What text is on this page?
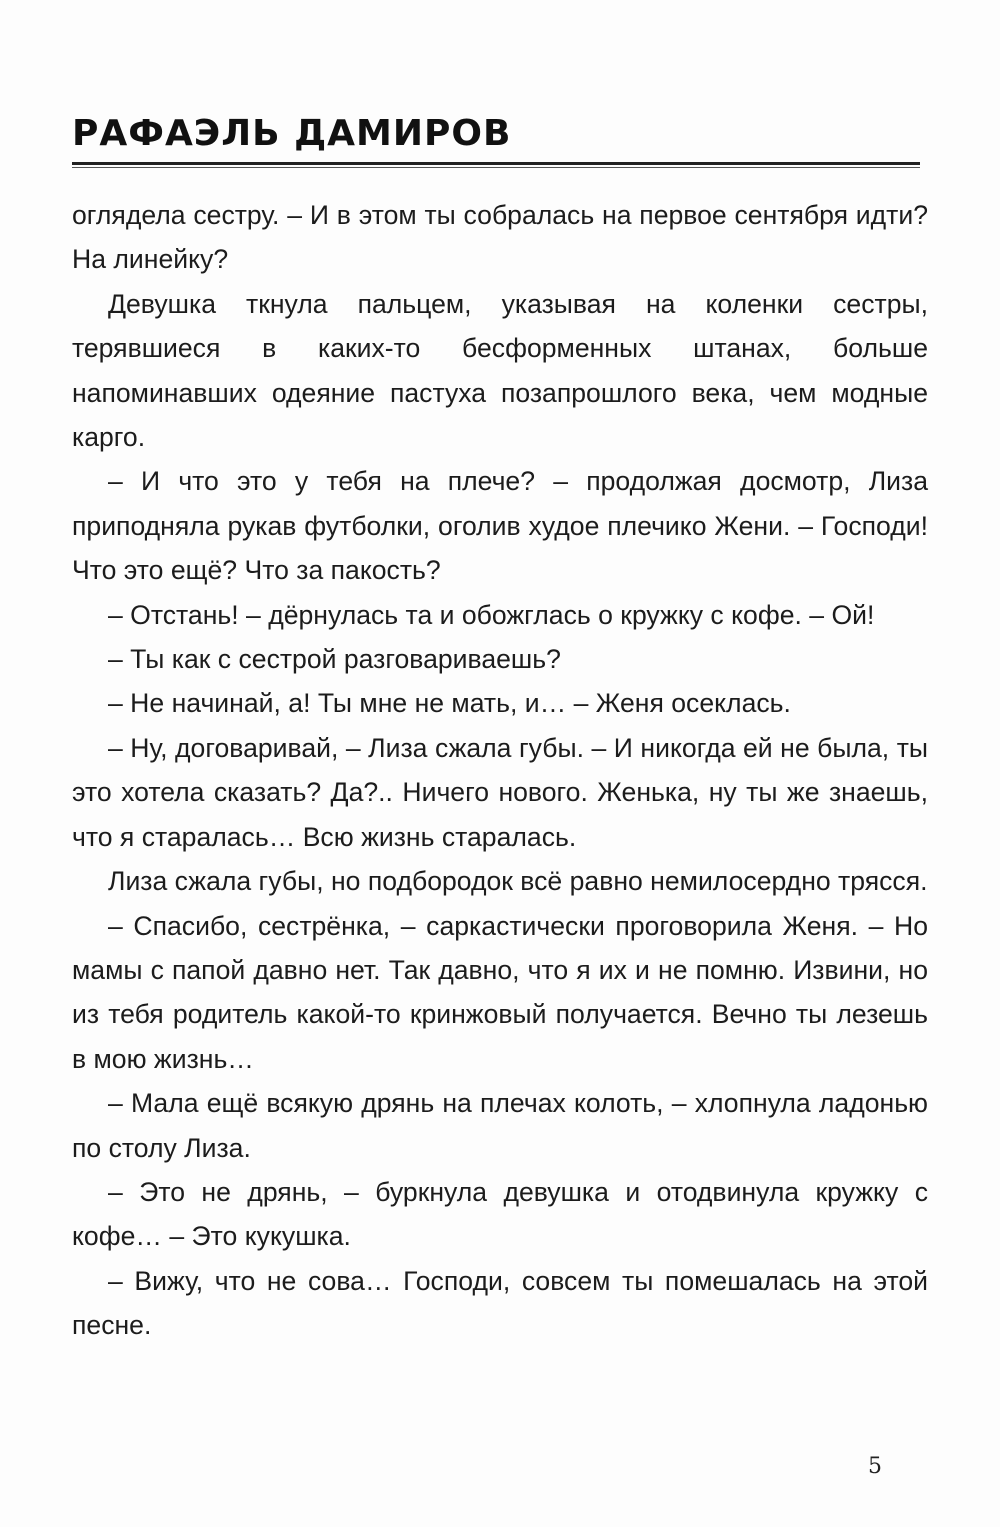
РАФАЭЛЬ ДАМИРОВ

оглядела сестру. – И в этом ты собралась на первое сентября идти? На линейку?

Девушка ткнула пальцем, указывая на коленки сестры, терявшиеся в каких-то бесформенных штанах, больше напоминавших одеяние пастуха позапрошлого века, чем модные карго.

– И что это у тебя на плече? – продолжая досмотр, Лиза приподняла рукав футболки, оголив худое плечико Жени. – Господи! Что это ещё? Что за пакость?

– Отстань! – дёрнулась та и обожглась о кружку с кофе. – Ой!

– Ты как с сестрой разговариваешь?

– Не начинай, а! Ты мне не мать, и… – Женя осеклась.

– Ну, договаривай, – Лиза сжала губы. – И никогда ей не была, ты это хотела сказать? Да?.. Ничего нового. Женька, ну ты же знаешь, что я старалась… Всю жизнь старалась.

Лиза сжала губы, но подбородок всё равно немилосердно трясся.

– Спасибо, сестрёнка, – саркастически проговорила Женя. – Но мамы с папой давно нет. Так давно, что я их и не помню. Извини, но из тебя родитель какой-то кринжовый получается. Вечно ты лезешь в мою жизнь…

– Мала ещё всякую дрянь на плечах колоть, – хлопнула ладонью по столу Лиза.

– Это не дрянь, – буркнула девушка и отодвинула кружку с кофе… – Это кукушка.

– Вижу, что не сова… Господи, совсем ты помешалась на этой песне.

5
